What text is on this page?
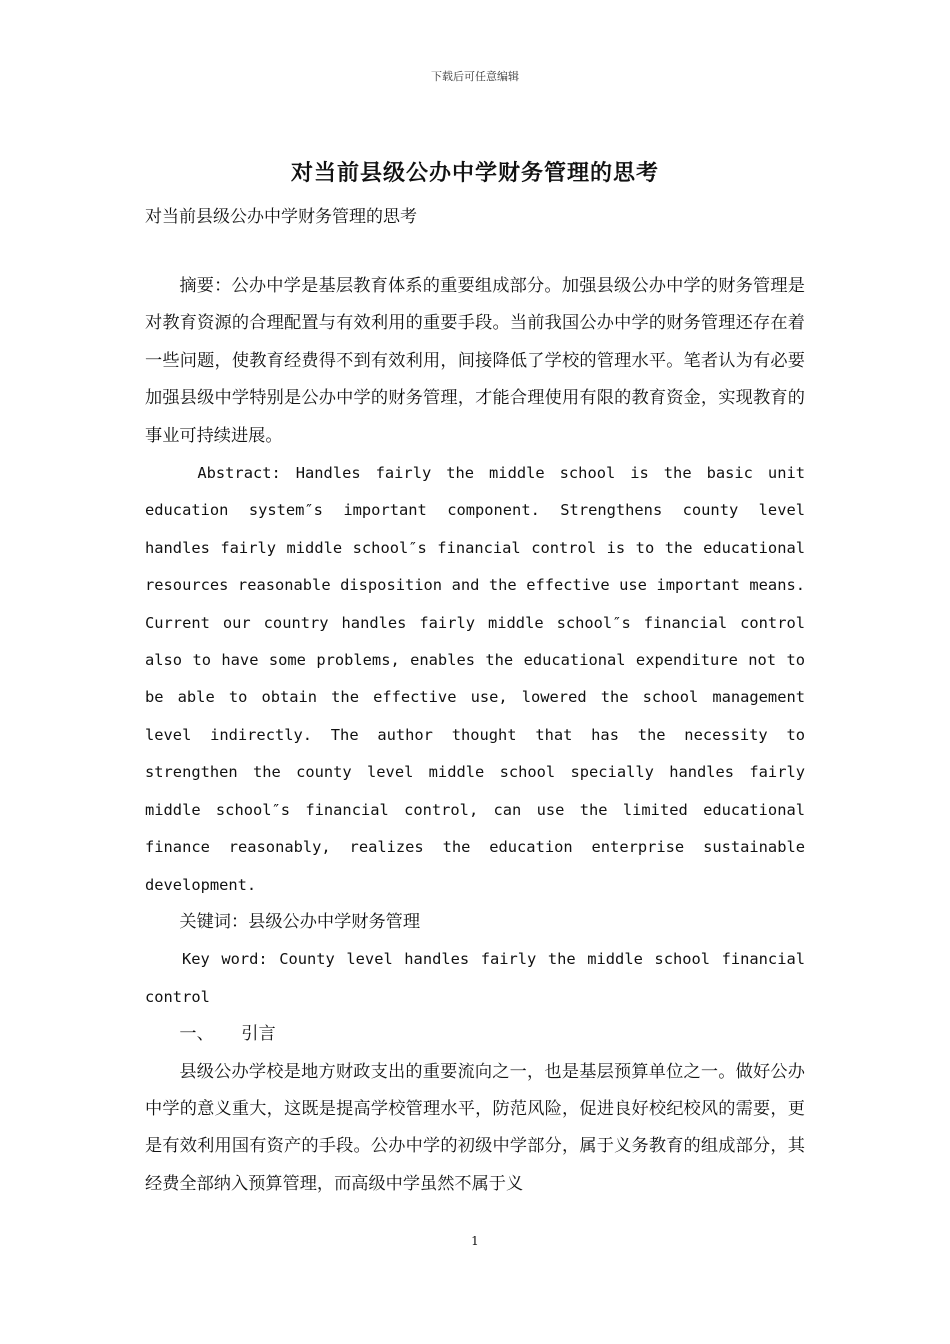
下载后可任意编辑
对当前县级公办中学财务管理的思考
对当前县级公办中学财务管理的思考

摘要：公办中学是基层教育体系的重要组成部分。加强县级公办中学的财务管理是对教育资源的合理配置与有效利用的重要手段。当前我国公办中学的财务管理还存在着一些问题，使教育经费得不到有效利用，间接降低了学校的管理水平。笔者认为有必要加强县级中学特别是公办中学的财务管理，才能合理使用有限的教育资金，实现教育的事业可持续进展。

Abstract: Handles fairly the middle school is the basic unit education system″s important component. Strengthens county level handles fairly middle school″s financial control is to the educational resources reasonable disposition and the effective use important means. Current our country handles fairly middle school″s financial control also to have some problems, enables the educational expenditure not to be able to obtain the effective use, lowered the school management level indirectly. The author thought that has the necessity to strengthen the county level middle school specially handles fairly middle school″s financial control, can use the limited educational finance reasonably, realizes the education enterprise sustainable development.

关键词：县级公办中学财务管理

Key word: County level handles fairly the middle school financial control

一、 引言

县级公办学校是地方财政支出的重要流向之一，也是基层预算单位之一。做好公办中学的意义重大，这既是提高学校管理水平，防范风险，促进良好校纪校风的需要，更是有效利用国有资产的手段。公办中学的初级中学部分，属于义务教育的组成部分，其经费全部纳入预算管理，而高级中学虽然不属于义

1
